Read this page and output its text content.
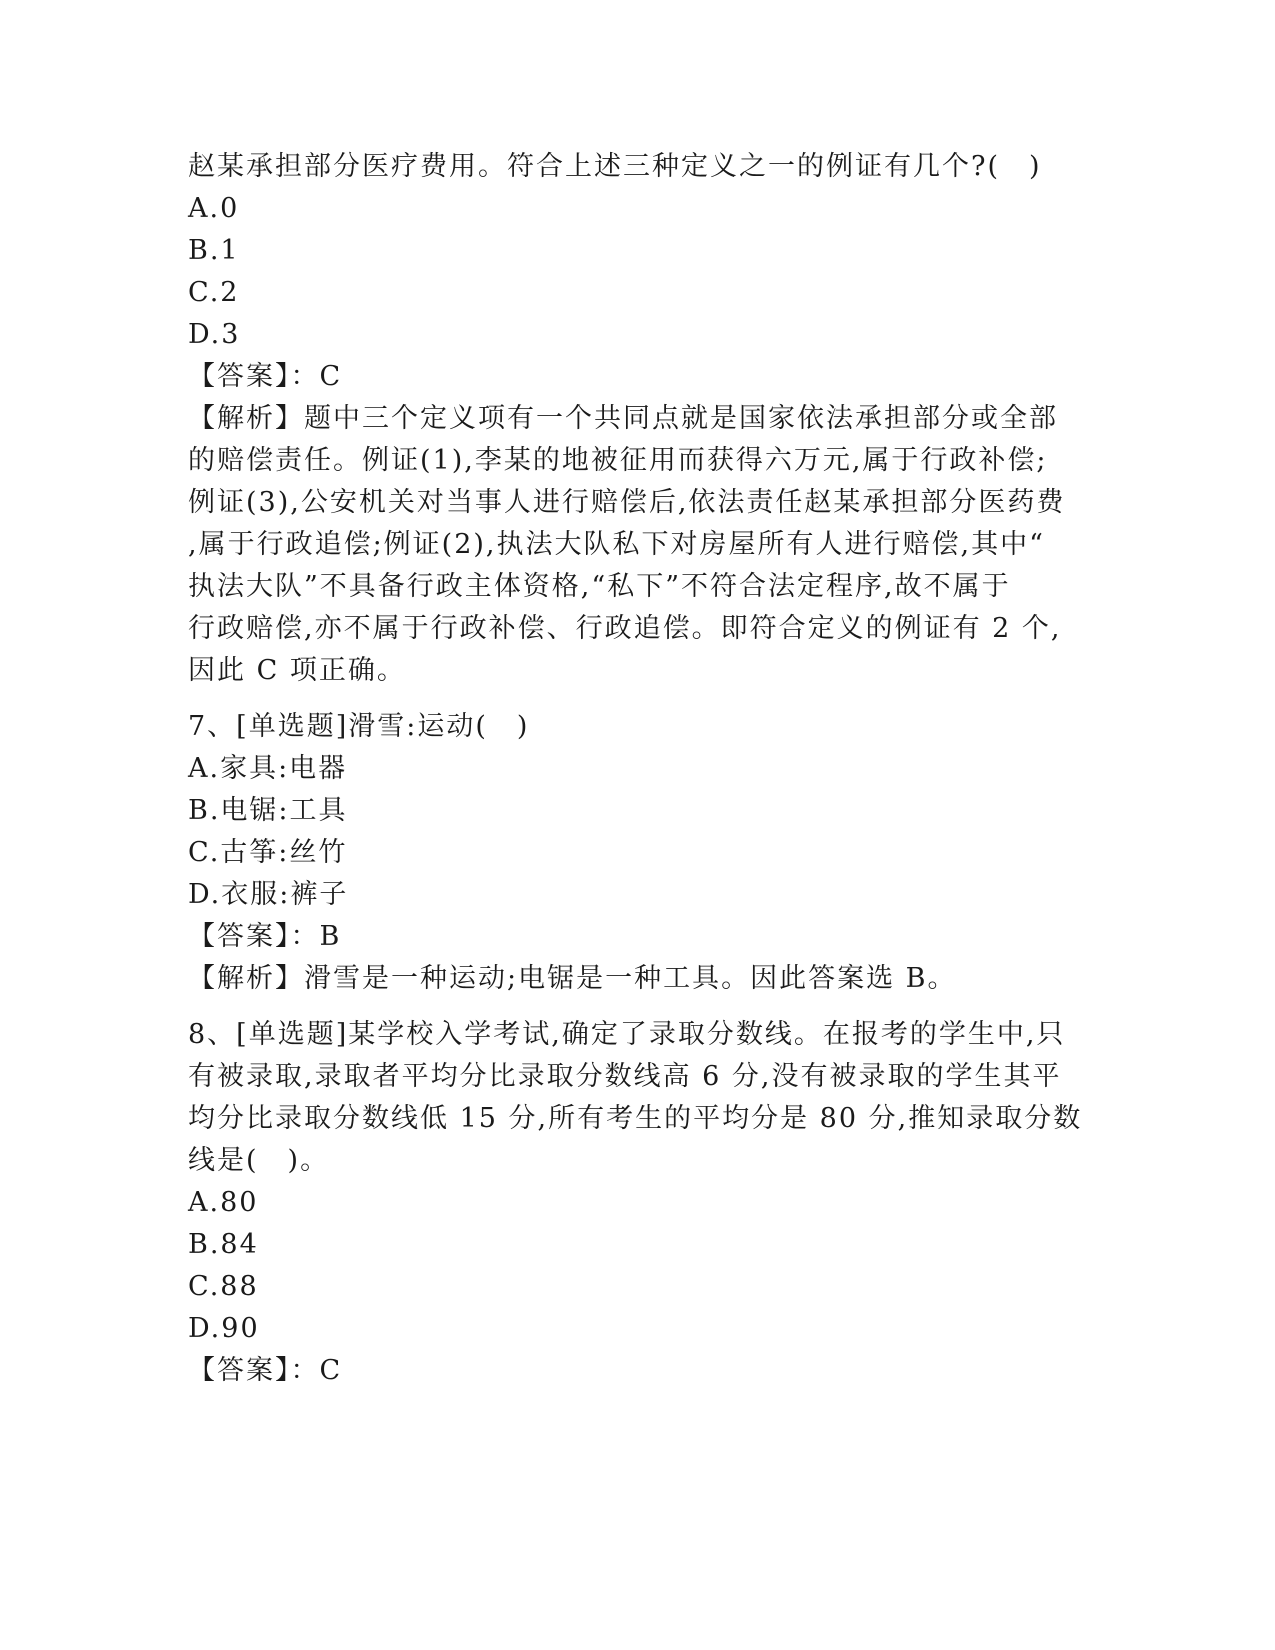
赵某承担部分医疗费用。符合上述三种定义之一的例证有几个?(　)
A.0
B.1
C.2
D.3
【答案】：C
【解析】题中三个定义项有一个共同点就是国家依法承担部分或全部
的赔偿责任。例证(1),李某的地被征用而获得六万元,属于行政补偿;
例证(3),公安机关对当事人进行赔偿后,依法责任赵某承担部分医药费
,属于行政追偿;例证(2),执法大队私下对房屋所有人进行赔偿,其中“
执法大队”不具备行政主体资格,“私下”不符合法定程序,故不属于
行政赔偿,亦不属于行政补偿、行政追偿。即符合定义的例证有 2 个,
因此 C 项正确。
7、[单选题]滑雪:运动(　)
A.家具:电器
B.电锯:工具
C.古筝:丝竹
D.衣服:裤子
【答案】：B
【解析】滑雪是一种运动;电锯是一种工具。因此答案选 B。
8、[单选题]某学校入学考试,确定了录取分数线。在报考的学生中,只
有被录取,录取者平均分比录取分数线高 6 分,没有被录取的学生其平
均分比录取分数线低 15 分,所有考生的平均分是 80 分,推知录取分数
线是(　)。
A.80
B.84
C.88
D.90
【答案】：C
